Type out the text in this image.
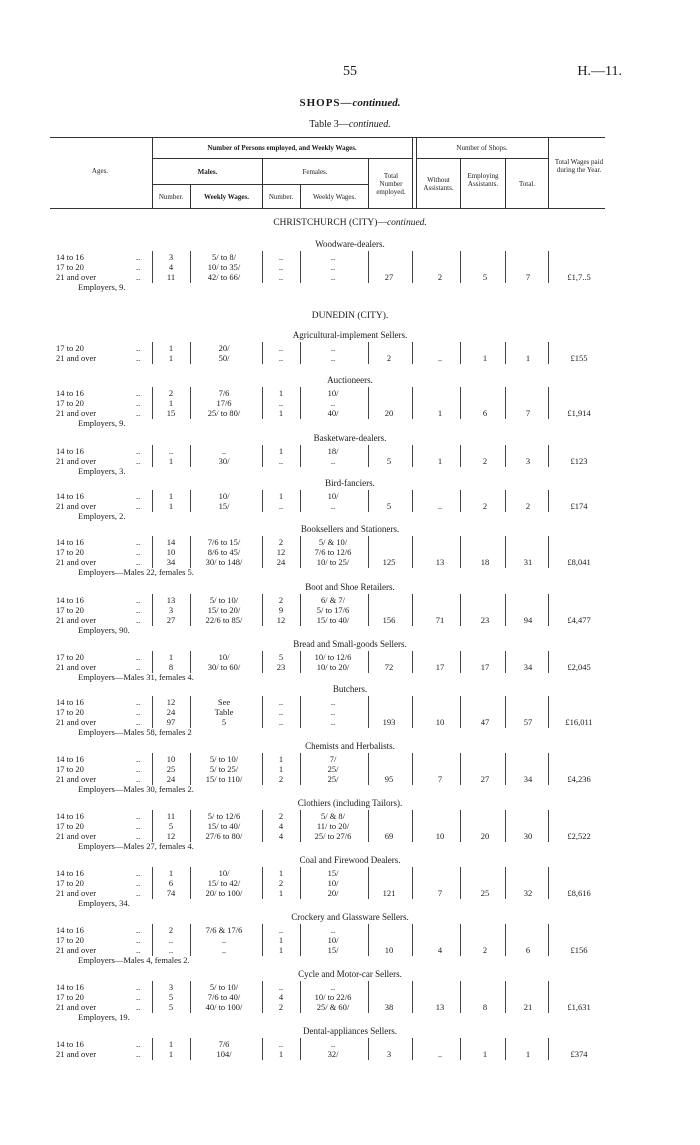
55	H.—11.
SHOPS—continued.
Table 3—continued.
Ages.
Number of Persons employed, and Weekly Wages.
Males.	Females.
Number.	Weekly Wages.	Number.	Weekly Wages.
Total Number employed.
Number of Shops.
Without Assistants.
Employing Assistants.	Total.
Total Wages paid during the Year.
CHRISTCHURCH (CITY)—continued.
DUNEDIN (CITY).
Woodware-dealers.
14 to 16	..	3	5/ to 8/	..	..
17 to 20	..	4	10/ to 35/	..	..
21 and over	..	11	42/ to 66/	..	..	27	2	5	7	£1,7..5
Employers, 9.
Agricultural-implement Sellers.
17 to 20	..	1	20/	..	..
21 and over	..	1	50/	..	..	2	..	1	1	£155
Auctioneers.
14 to 16	..	2	7/6	1	10/
17 to 20	..	1	17/6	..	..
21 and over	..	15	25/ to 80/	1	40/	20	1	6	7	£1,914
Employers, 9.
Basketware-dealers.
14 to 16	..	..	..	1	18/
21 and over	..	1	30/	..	..	5	1	2	3	£123
Employers, 3.
Bird-fanciers.
14 to 16	..	1	10/	1	10/
21 and over	..	1	15/	..	..	5	..	2	2	£174
Employers, 2.
Booksellers and Stationers.
14 to 16	..	14	7/6 to 15/	2	5/ & 10/
17 to 20	..	10	8/6 to 45/	12	7/6 to 12/6
21 and over	..	34	30/ to 148/	24	10/ to 25/	125	13	18	31	£8,041
Employers—Males 22, females 5.
Boot and Shoe Retailers.
14 to 16	..	13	5/ to 10/	2	6/ & 7/
17 to 20	..	3	15/ to 20/	9	5/ to 17/6
21 and over	..	27	22/6 to 85/	12	15/ to 40/	156	71	23	94	£4,477
Employers, 90.
Bread and Small-goods Sellers.
17 to 20	..	1	10/	5	10/ to 12/6
21 and over	..	8	30/ to 60/	23	10/ to 20/	72	17	17	34	£2,045
Employers—Males 31, females 4.
Butchers.
14 to 16	..	12	See	..	..
17 to 20	..	24	Table	..	..
21 and over	..	97	5	..	..	193	10	47	57	£16,011
Employers—Males 58, females 2
Chemists and Herbalists.
14 to 16	..	10	5/ to 10/	1	7/
17 to 20	..	25	5/ to 25/	1	25/
21 and over	..	24	15/ to 110/	2	25/	95	7	27	34	£4,236
Employers—Males 30, females 2.
Clothiers (including Tailors).
14 to 16	..	11	5/ to 12/6	2	5/ & 8/
17 to 20	..	5	15/ to 40/	4	11/ to 20/
21 and over	..	12	27/6 to 80/	4	25/ to 27/6	69	10	20	30	£2,522
Employers—Males 27, females 4.
Coal and Firewood Dealers.
14 to 16	..	1	10/	1	15/
17 to 20	..	6	15/ to 42/	2	10/
21 and over	..	74	20/ to 100/	1	20/	121	7	25	32	£8,616
Employers, 34.
Crockery and Glassware Sellers.
14 to 16	..	2	7/6 & 17/6	..	..
17 to 20	..	..	..	1	10/
21 and over	..	..	..	1	15/	10	4	2	6	£156
Employers—Males 4, females 2.
Cycle and Motor-car Sellers.
14 to 16	..	3	5/ to 10/	..	..
17 to 20	..	5	7/6 to 40/	4	10/ to 22/6
21 and over	..	5	40/ to 100/	2	25/ & 60/	38	13	8	21	£1,631
Employers, 19.
Dental-appliances Sellers.
14 to 16	..	1	7/6	..	..
21 and over	..	1	104/	1	32/	3	..	1	1	£374
